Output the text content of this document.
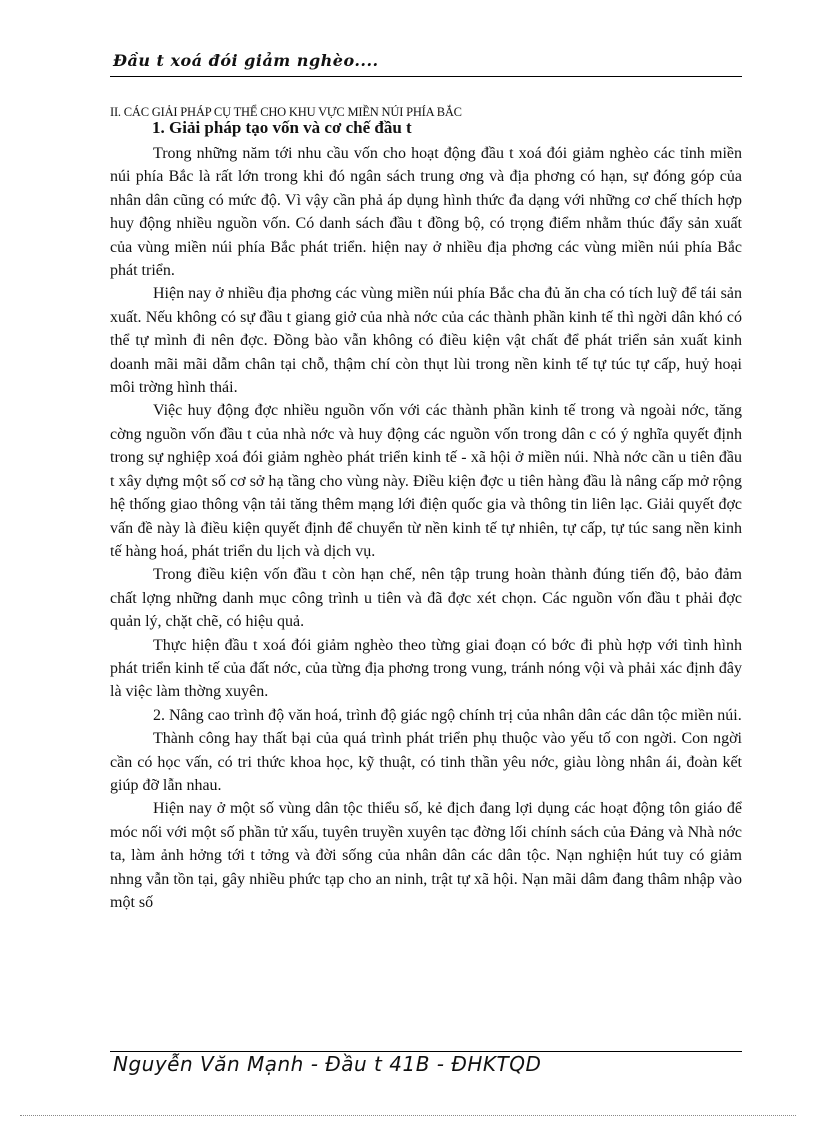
Đầu t xoá đói giảm nghèo....
II. CÁC GIẢI PHÁP CỤ THỂ CHO KHU VỰC MIỀN NÚI PHÍA BẮC
1. Giải pháp tạo vốn và cơ chế đầu t

Trong những năm tới nhu cầu vốn cho hoạt động đầu t xoá đói giảm nghèo các tỉnh miền núi phía Bắc là rất lớn trong khi đó ngân sách trung ơng và địa phơng có hạn, sự đóng góp của nhân dân cũng có mức độ. Vì vậy cần phả áp dụng hình thức đa dạng với những cơ chế thích hợp huy động nhiều nguồn vốn. Có danh sách đầu t đồng bộ, có trọng điểm nhằm thúc đẩy sản xuất của vùng miền núi phía Bắc phát triển. hiện nay ở nhiều địa phơng các vùng miền núi phía Bắc phát triển.

Hiện nay ở nhiều địa phơng các vùng miền núi phía Bắc cha đủ ăn cha có tích luỹ để tái sản xuất. Nếu không có sự đầu t giang giở của nhà nớc của các thành phần kinh tế thì ngời dân khó có thể tự mình đi nên đợc. Đồng bào vẫn không có điều kiện vật chất để phát triển sản xuất kinh doanh mãi mãi dẫm chân tại chỗ, thậm chí còn thụt lùi trong nền kinh tế tự túc tự cấp, huỷ hoại môi trờng hình thái.

Việc huy động đợc nhiều nguồn vốn với các thành phần kinh tế trong và ngoài nớc, tăng cờng nguồn vốn đầu t của nhà nớc và huy động các nguồn vốn trong dân c có ý nghĩa quyết định trong sự nghiệp xoá đói giảm nghèo phát triển kinh tế - xã hội ở miền núi. Nhà nớc cần u tiên đầu t xây dựng một số cơ sở hạ tầng cho vùng này. Điều kiện đợc u tiên hàng đầu là nâng cấp mở rộng hệ thống giao thông vận tải tăng thêm mạng lới điện quốc gia và thông tin liên lạc. Giải quyết đợc vấn đề này là điều kiện quyết định để chuyển từ nền kinh tế tự nhiên, tự cấp, tự túc sang nền kinh tế hàng hoá, phát triển du lịch và dịch vụ.

Trong điều kiện vốn đầu t còn hạn chế, nên tập trung hoàn thành đúng tiến độ, bảo đảm chất lợng những danh mục công trình u tiên và đã đợc xét chọn. Các nguồn vốn đầu t phải đợc quản lý, chặt chẽ, có hiệu quả.

Thực hiện đầu t xoá đói giảm nghèo theo từng giai đoạn có bớc đi phù hợp với tình hình phát triển kinh tế của đất nớc, của từng địa phơng trong vung, tránh nóng vội và phải xác định đây là việc làm thờng xuyên.

2. Nâng cao trình độ văn hoá, trình độ giác ngộ chính trị của nhân dân các dân tộc miền núi.

Thành công hay thất bại của quá trình phát triển phụ thuộc vào yếu tố con ngời. Con ngời cần có học vấn, có tri thức khoa học, kỹ thuật, có tinh thần yêu nớc, giàu lòng nhân ái, đoàn kết giúp đỡ lẫn nhau.

Hiện nay ở một số vùng dân tộc thiểu số, kẻ địch đang lợi dụng các hoạt động tôn giáo để móc nối với một số phần tử xấu, tuyên truyền xuyên tạc đờng lối chính sách của Đảng và Nhà nớc ta, làm ảnh hởng tới t tởng và đời sống của nhân dân các dân tộc. Nạn nghiện hút tuy có giảm nhng vẫn tồn tại, gây nhiều phức tạp cho an ninh, trật tự xã hội. Nạn mãi dâm đang thâm nhập vào một số

Nguyễn Văn Mạnh - Đầu t 41B - ĐHKTQD
